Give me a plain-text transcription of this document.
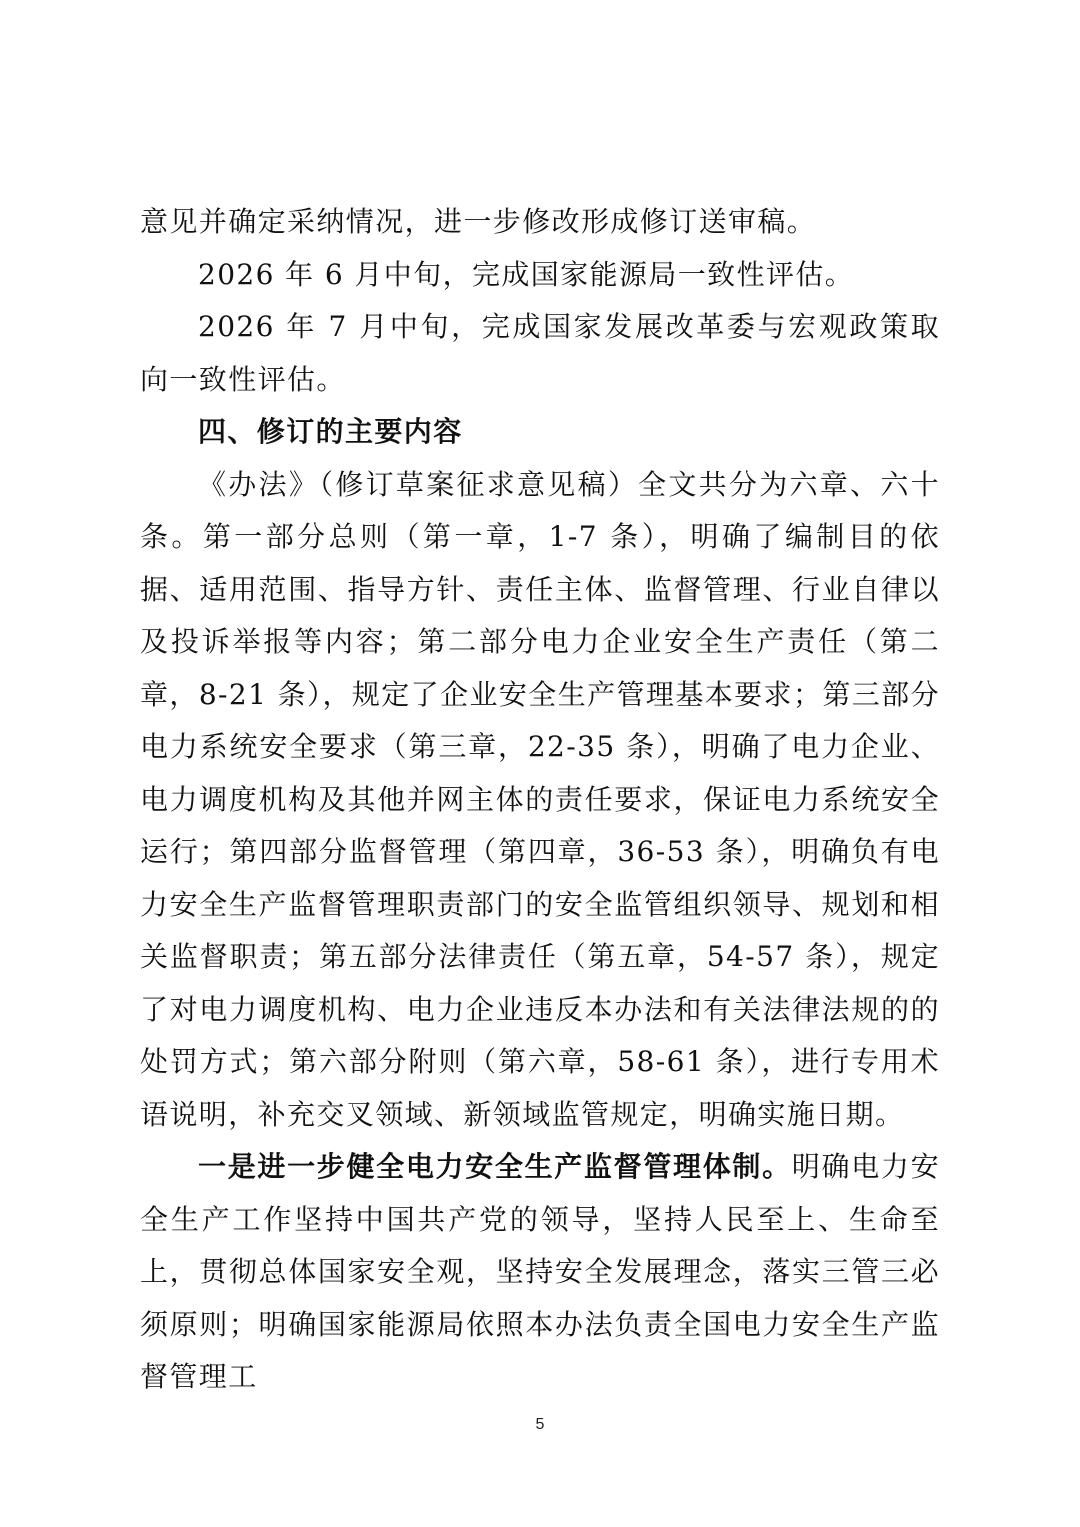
意见并确定采纳情况，进一步修改形成修订送审稿。

2026 年 6 月中旬，完成国家能源局一致性评估。

2026 年 7 月中旬，完成国家发展改革委与宏观政策取向一致性评估。

四、修订的主要内容

《办法》（修订草案征求意见稿）全文共分为六章、六十条。第一部分总则（第一章，1-7 条），明确了编制目的依据、适用范围、指导方针、责任主体、监督管理、行业自律以及投诉举报等内容；第二部分电力企业安全生产责任（第二章，8-21 条），规定了企业安全生产管理基本要求；第三部分电力系统安全要求（第三章，22-35 条），明确了电力企业、电力调度机构及其他并网主体的责任要求，保证电力系统安全运行；第四部分监督管理（第四章，36-53 条），明确负有电力安全生产监督管理职责部门的安全监管组织领导、规划和相关监督职责；第五部分法律责任（第五章，54-57 条），规定了对电力调度机构、电力企业违反本办法和有关法律法规的的处罚方式；第六部分附则（第六章，58-61 条），进行专用术语说明，补充交叉领域、新领域监管规定，明确实施日期。

一是进一步健全电力安全生产监督管理体制。明确电力安全生产工作坚持中国共产党的领导，坚持人民至上、生命至上，贯彻总体国家安全观，坚持安全发展理念，落实三管三必须原则；明确国家能源局依照本办法负责全国电力安全生产监督管理工

5
